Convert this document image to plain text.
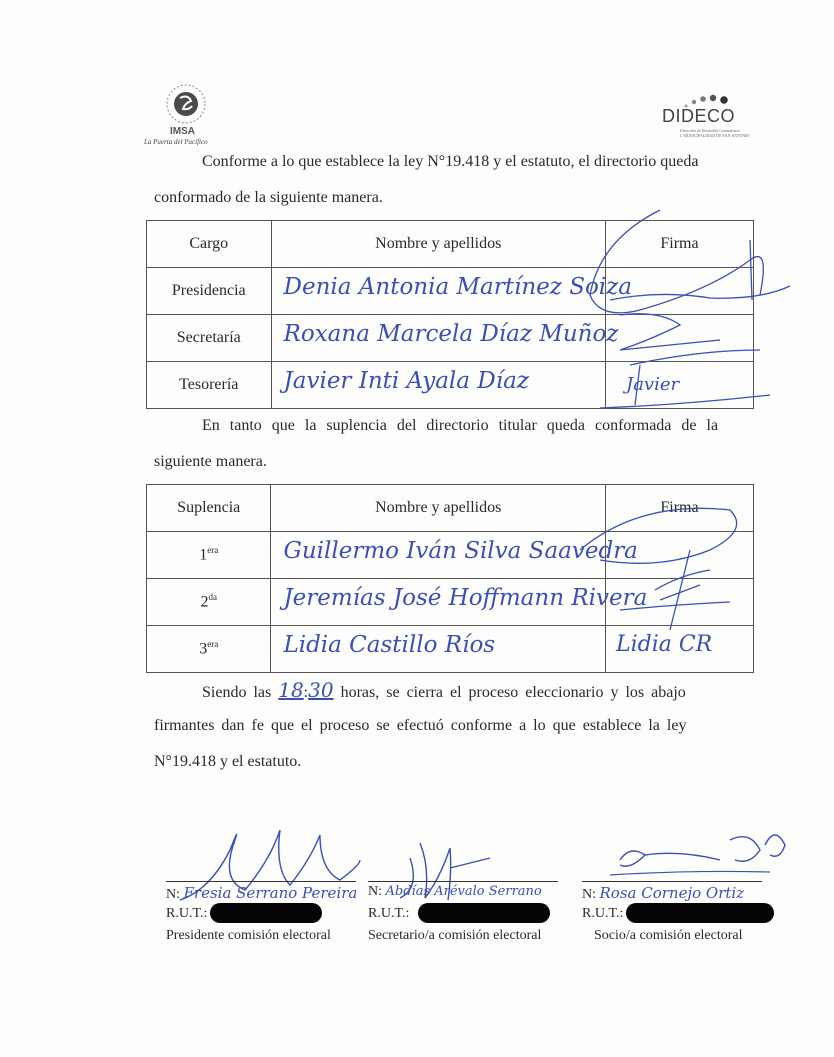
IMSA
La Puerta del Pacífico
DIDECO
Dirección de Desarrollo Comunitario
I. MUNICIPALIDAD DE SAN ANTONIO
Conforme a lo que establece la ley N°19.418 y el estatuto, el directorio queda
conformado de la siguiente manera.
Cargo	Nombre y apellidos	Firma
Presidencia	Denia Antonia Martínez Soiza	

Secretaría	Roxana Marcela Díaz Muñoz	

Tesorería	Javier Inti Ayala Díaz	Javier
En tanto que la suplencia del directorio titular queda conformada de la
siguiente manera.
Suplencia	Nombre y apellidos	Firma
$1^{era}$	Guillermo Iván Silva Saavedra	

$2^{da}$	Jeremías José Hoffmann Rivera	

$3^{era}$	Lidia Castillo Ríos	Lidia CR
Siendo las 18:30 horas, se cierra el proceso eleccionario y los abajo
firmantes dan fe que el proceso se efectuó conforme a lo que establece la ley
N°19.418 y el estatuto.
N: Fresia Serrano Pereira
R.U.T.:
Presidente comisión electoral
N: Abdías Arévalo Serrano
R.U.T.:
Secretario/a comisión electoral
N: Rosa Cornejo Ortiz
R.U.T.:
Socio/a comisión electoral
